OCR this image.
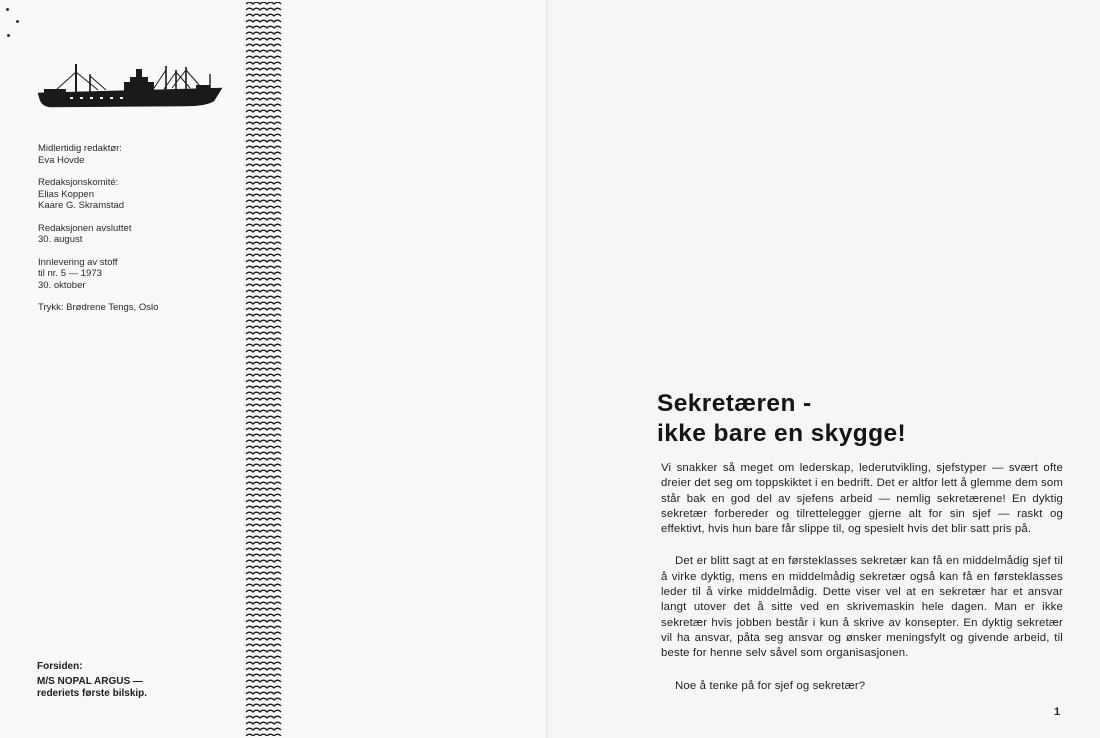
Midlertidig redaktør:
Eva Hovde
Redaksjonskomité:
Elias Koppen
Kaare G. Skramstad
Redaksjonen avsluttet
30. august
Innlevering av stoff
til nr. 5 — 1973
30. oktober
Trykk: Brødrene Tengs, Oslo
Forsiden:
M/S NOPAL ARGUS —
rederiets første bilskip.
Sekretæren -
ikke bare en skygge!

Vi snakker så meget om lederskap, lederutvikling, sjefstyper — svært ofte dreier det seg om toppskiktet i en bedrift. Det er altfor lett å glemme dem som står bak en god del av sjefens arbeid — nemlig sekretærene! En dyktig sekretær forbereder og tilrettelegger gjerne alt for sin sjef — raskt og effektivt, hvis hun bare får slippe til, og spesielt hvis det blir satt pris på.

Det er blitt sagt at en førsteklasses sekretær kan få en middelmådig sjef til å virke dyktig, mens en middelmådig sekretær også kan få en førsteklasses leder til å virke middelmådig. Dette viser vel at en sekretær har et ansvar langt utover det å sitte ved en skrivemaskin hele dagen. Man er ikke sekretær hvis jobben består i kun å skrive av konsepter. En dyktig sekretær vil ha ansvar, påta seg ansvar og ønsker meningsfylt og givende arbeid, til beste for henne selv såvel som organisasjonen.

Noe å tenke på for sjef og sekretær?

1
